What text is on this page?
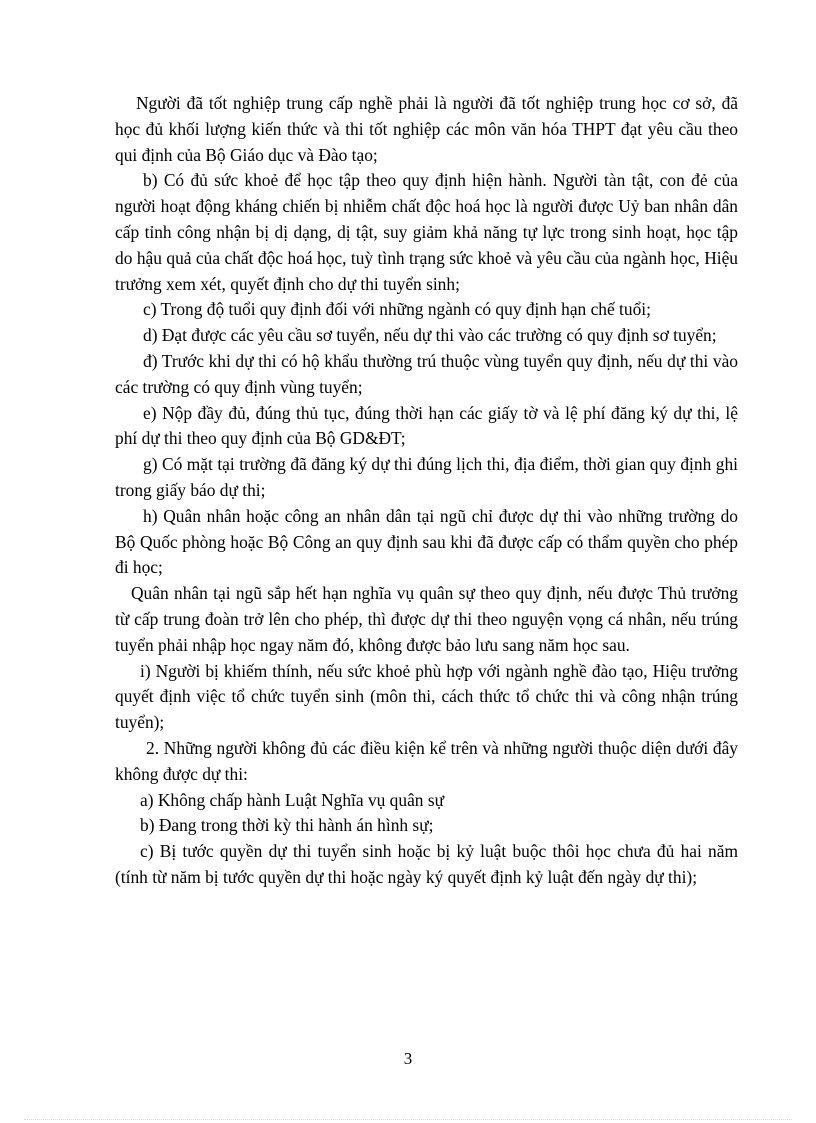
Người đã tốt nghiệp trung cấp nghề phải là người đã tốt nghiệp trung học cơ sở, đã học đủ khối lượng kiến thức và thi tốt nghiệp các môn văn hóa THPT đạt yêu cầu theo qui định của Bộ Giáo dục và Đào tạo;

b) Có đủ sức khoẻ để học tập theo quy định hiện hành. Người tàn tật, con đẻ của người hoạt động kháng chiến bị nhiễm chất độc hoá học là người được Uỷ ban nhân dân cấp tỉnh công nhận bị dị dạng, dị tật, suy giảm khả năng tự lực trong sinh hoạt, học tập do hậu quả của chất độc hoá học, tuỳ tình trạng sức khoẻ và yêu cầu của ngành học, Hiệu trưởng xem xét, quyết định cho dự thi tuyển sinh;

c) Trong độ tuổi quy định đối với những ngành có quy định hạn chế tuổi;

d) Đạt được các yêu cầu sơ tuyển, nếu dự thi vào các trường có quy định sơ tuyển;

đ) Trước khi dự thi có hộ khẩu thường trú thuộc vùng tuyển quy định, nếu dự thi vào các trường có quy định vùng tuyển;

e) Nộp đầy đủ, đúng thủ tục, đúng thời hạn các giấy tờ và lệ phí đăng ký dự thi, lệ phí dự thi theo quy định của Bộ GD&ĐT;

g) Có mặt tại trường đã đăng ký dự thi đúng lịch thi, địa điểm, thời gian quy định ghi trong giấy báo dự thi;

h) Quân nhân hoặc công an nhân dân tại ngũ chỉ được dự thi vào những trường do Bộ Quốc phòng hoặc Bộ Công an quy định sau khi đã được cấp có thẩm quyền cho phép đi học;

Quân nhân tại ngũ sắp hết hạn nghĩa vụ quân sự theo quy định, nếu được Thủ trưởng từ cấp trung đoàn trở lên cho phép, thì được dự thi theo nguyện vọng cá nhân, nếu trúng tuyển phải nhập học ngay năm đó, không được bảo lưu sang năm học sau.

i) Người bị khiếm thính, nếu sức khoẻ phù hợp với ngành nghề đào tạo, Hiệu trưởng quyết định việc tổ chức tuyển sinh (môn thi, cách thức tổ chức thi và công nhận trúng tuyển);

2. Những người không đủ các điều kiện kể trên và những người thuộc diện dưới đây không được dự thi:

a) Không chấp hành Luật Nghĩa vụ quân sự

b) Đang trong thời kỳ thi hành án hình sự;

c) Bị tước quyền dự thi tuyển sinh hoặc bị kỷ luật buộc thôi học chưa đủ hai năm (tính từ năm bị tước quyền dự thi hoặc ngày ký quyết định kỷ luật đến ngày dự thi);

3
